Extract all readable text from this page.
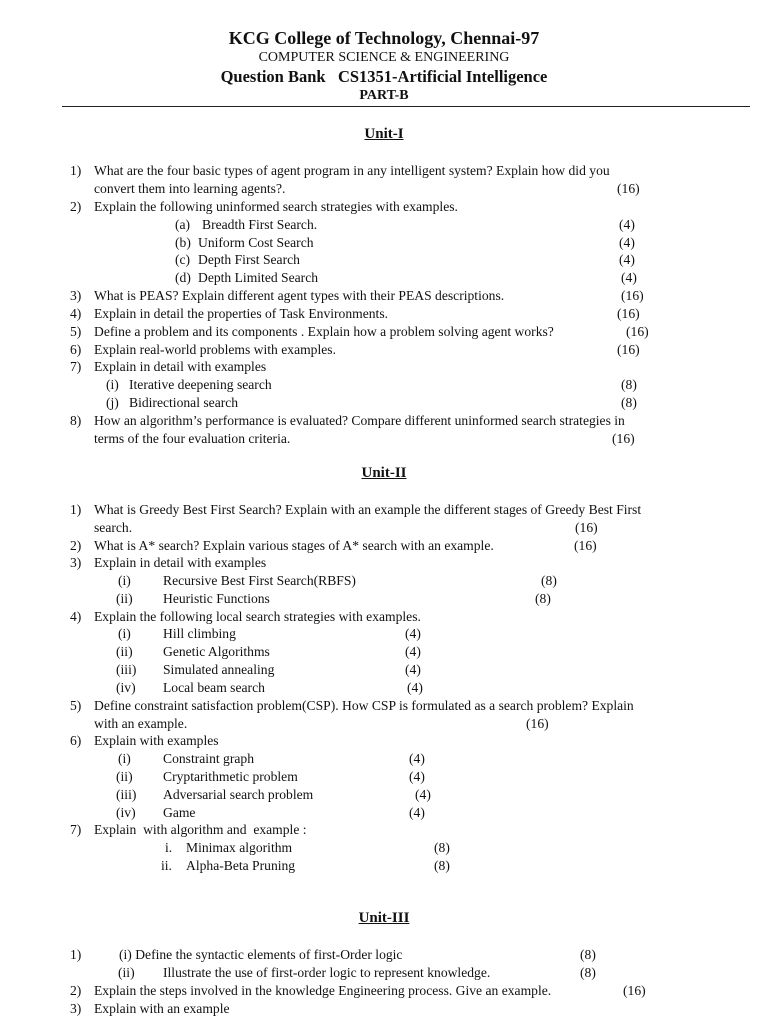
KCG College of Technology, Chennai-97
COMPUTER SCIENCE & ENGINEERING
Question Bank   CS1351-Artificial Intelligence
PART-B
Unit-I
1) What are the four basic types of agent program in any intelligent system? Explain how did you
convert them into learning agents?.	(16)
2) Explain the following uninformed search strategies with examples.
(a) Breadth First Search.	(4)
(b) Uniform Cost Search	(4)
(c) Depth First Search	(4)
(d) Depth Limited Search	(4)
3) What is PEAS? Explain different agent types with their PEAS descriptions.	(16)
4) Explain in detail the properties of Task Environments.	(16)
5) Define a problem and its components . Explain how a problem solving agent works?	(16)
6) Explain real-world problems with examples.	(16)
7) Explain in detail with examples
(i) Iterative deepening search	(8)
(j) Bidirectional search	(8)
8) How an algorithm’s performance is evaluated? Compare different uninformed search strategies in
terms of the four evaluation criteria.	(16)
Unit-II
1) What is Greedy Best First Search? Explain with an example the different stages of Greedy Best First
search.	(16)
2) What is A* search? Explain various stages of A* search with an example.	(16)
3) Explain in detail with examples
(i) Recursive Best First Search(RBFS)	(8)
(ii) Heuristic Functions	(8)
4) Explain the following local search strategies with examples.
(i) Hill climbing	(4)
(ii) Genetic Algorithms	(4)
(iii) Simulated annealing	(4)
(iv) Local beam search	(4)
5) Define constraint satisfaction problem(CSP). How CSP is formulated as a search problem? Explain
with an example.	(16)
6) Explain with examples
(i) Constraint graph	(4)
(ii) Cryptarithmetic problem	(4)
(iii) Adversarial search problem	(4)
(iv) Game	(4)
7) Explain  with algorithm and  example :
i. Minimax algorithm	(8)
ii. Alpha-Beta Pruning	(8)
Unit-III
1)	(i) Define the syntactic elements of first-Order logic	(8)
(ii) Illustrate the use of first-order logic to represent knowledge.	(8)
2) Explain the steps involved in the knowledge Engineering process. Give an example.	(16)
3) Explain with an example
